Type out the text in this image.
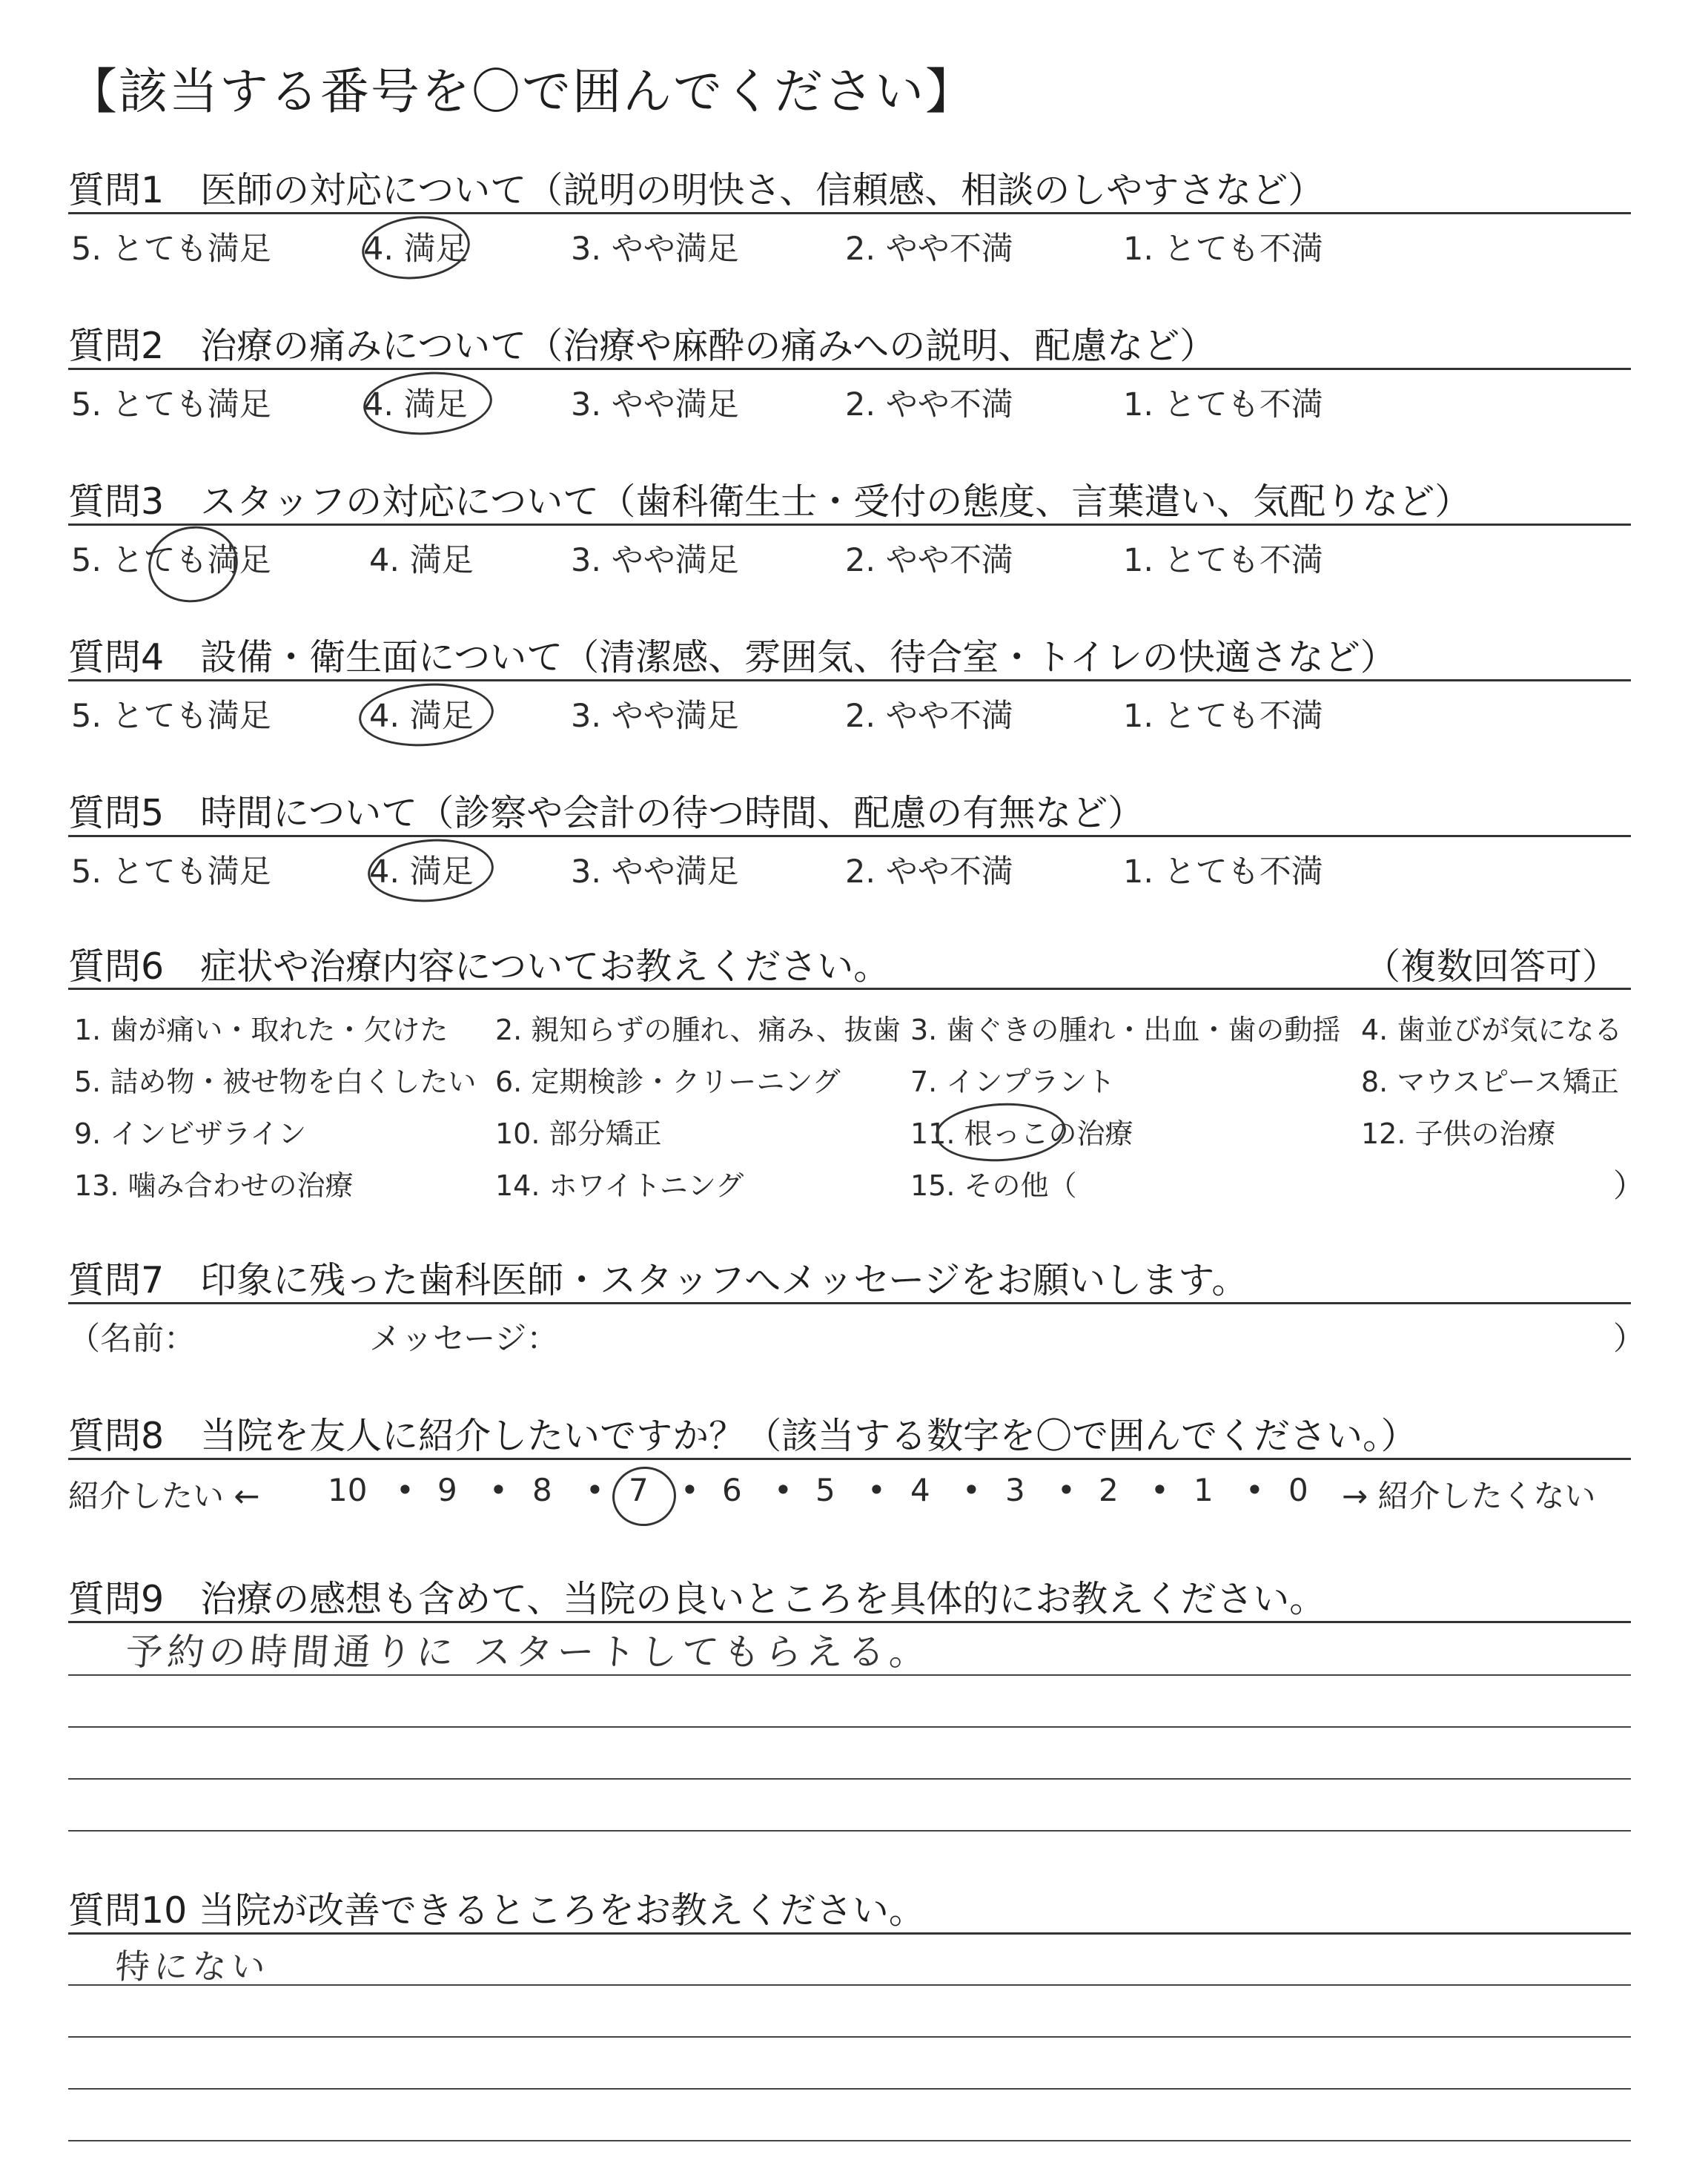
【該当する番号を〇で囲んでください】
質問1　医師の対応について（説明の明快さ、信頼感、相談のしやすさなど）
5. とても満足	4. 満足	3. やや満足	2. やや不満	1. とても不満
質問2　治療の痛みについて（治療や麻酔の痛みへの説明、配慮など）
5. とても満足	4. 満足	3. やや満足	2. やや不満	1. とても不満
質問3　スタッフの対応について（歯科衛生士・受付の態度、言葉遣い、気配りなど）
5. とても満足	4. 満足	3. やや満足	2. やや不満	1. とても不満
質問4　設備・衛生面について（清潔感、雰囲気、待合室・トイレの快適さなど）
5. とても満足	4. 満足	3. やや満足	2. やや不満	1. とても不満
質問5　時間について（診察や会計の待つ時間、配慮の有無など）
5. とても満足	4. 満足	3. やや満足	2. やや不満	1. とても不満
質問6　症状や治療内容についてお教えください。	（複数回答可）
1. 歯が痛い・取れた・欠けた 2. 親知らずの腫れ、痛み、抜歯 3. 歯ぐきの腫れ・出血・歯の動揺 4. 歯並びが気になる
5. 詰め物・被せ物を白くしたい 6. 定期検診・クリーニング 7. インプラント	8. マウスピース矯正
9. インビザライン	10. 部分矯正	11. 根っこの治療	12. 子供の治療
13. 噛み合わせの治療	14. ホワイトニング	15. その他（	）
質問7　印象に残った歯科医師・スタッフへメッセージをお願いします。
（名前：	メッセージ：	）
質問8　当院を友人に紹介したいですか？（該当する数字を〇で囲んでください。）
紹介したい ← 10 • 9 • 8 • 7 • 6 • 5 • 4 • 3 • 2 • 1 • 0 → 紹介したくない
質問9　治療の感想も含めて、当院の良いところを具体的にお教えください。
予約の時間通りに スタートしてもらえる。
質問10 当院が改善できるところをお教えください。
特にない
